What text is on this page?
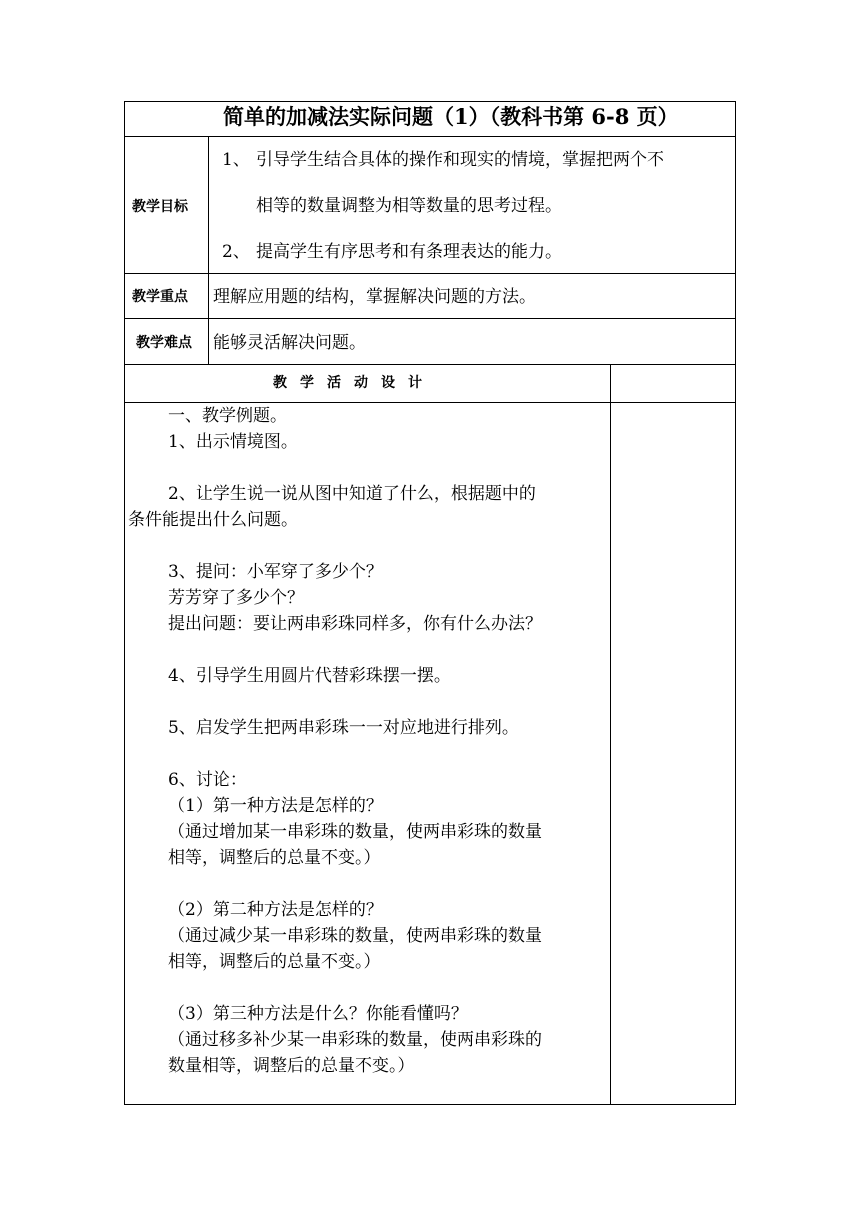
简单的加减法实际问题（1）（教科书第 6-8 页）
教学目标
1、 引导学生结合具体的操作和现实的情境，掌握把两个不
相等的数量调整为相等数量的思考过程。
2、 提高学生有序思考和有条理表达的能力。
教学重点 理解应用题的结构，掌握解决问题的方法。
教学难点 能够灵活解决问题。
教学活动设计
一、教学例题。
1、出示情境图。
2、让学生说一说从图中知道了什么，根据题中的
条件能提出什么问题。
3、提问：小军穿了多少个？
芳芳穿了多少个？
提出问题：要让两串彩珠同样多，你有什么办法？
4、引导学生用圆片代替彩珠摆一摆。
5、启发学生把两串彩珠一一对应地进行排列。
6、讨论：
（1）第一种方法是怎样的？
（通过增加某一串彩珠的数量，使两串彩珠的数量
相等，调整后的总量不变。）
（2）第二种方法是怎样的？
（通过减少某一串彩珠的数量，使两串彩珠的数量
相等，调整后的总量不变。）
（3）第三种方法是什么？你能看懂吗？
（通过移多补少某一串彩珠的数量，使两串彩珠的
数量相等，调整后的总量不变。）
